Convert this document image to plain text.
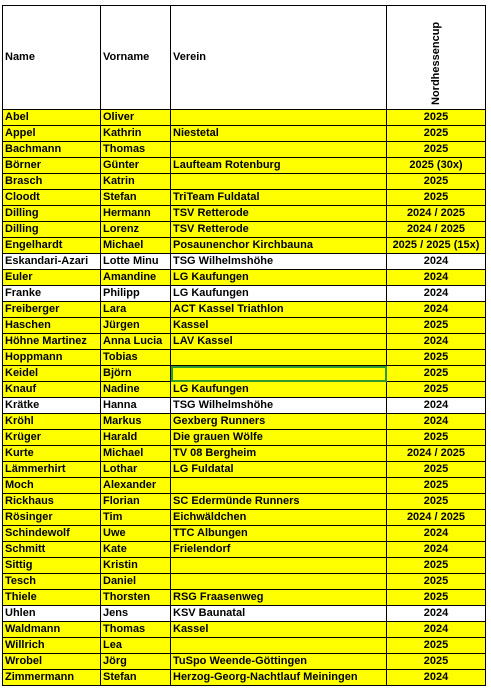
Name	Vorname	Verein	Nordhessencup

Abel	Oliver		2025
Appel	Kathrin	Niestetal	2025
Bachmann	Thomas		2025
Börner	Günter	Laufteam Rotenburg	2025 (30x)
Brasch	Katrin		2025
Cloodt	Stefan	TriTeam Fuldatal	2025
Dilling	Hermann	TSV Retterode	2024 / 2025
Dilling	Lorenz	TSV Retterode	2024 / 2025
Engelhardt	Michael	Posaunenchor Kirchbauna	2025 / 2025 (15x)
Eskandari-Azari	Lotte Minu	TSG Wilhelmshöhe	2024
Euler	Amandine	LG Kaufungen	2024
Franke	Philipp	LG Kaufungen	2024
Freiberger	Lara	ACT Kassel Triathlon	2024
Haschen	Jürgen	Kassel	2025
Höhne Martinez	Anna Lucia	LAV Kassel	2024
Hoppmann	Tobias		2025
Keidel	Björn		2025
Knauf	Nadine	LG Kaufungen	2025
Krätke	Hanna	TSG Wilhelmshöhe	2024
Kröhl	Markus	Gexberg Runners	2024
Krüger	Harald	Die grauen Wölfe	2025
Kurte	Michael	TV 08 Bergheim	2024 / 2025
Lämmerhirt	Lothar	LG Fuldatal	2025
Moch	Alexander		2025
Rickhaus	Florian	SC Edermünde Runners	2025
Rösinger	Tim	Eichwäldchen	2024 / 2025
Schindewolf	Uwe	TTC Albungen	2024
Schmitt	Kate	Frielendorf	2024
Sittig	Kristin		2025
Tesch	Daniel		2025
Thiele	Thorsten	RSG Fraasenweg	2025
Uhlen	Jens	KSV Baunatal	2024
Waldmann	Thomas	Kassel	2024
Willrich	Lea		2025
Wrobel	Jörg	TuSpo Weende-Göttingen	2025
Zimmermann	Stefan	Herzog-Georg-Nachtlauf Meiningen	2024
